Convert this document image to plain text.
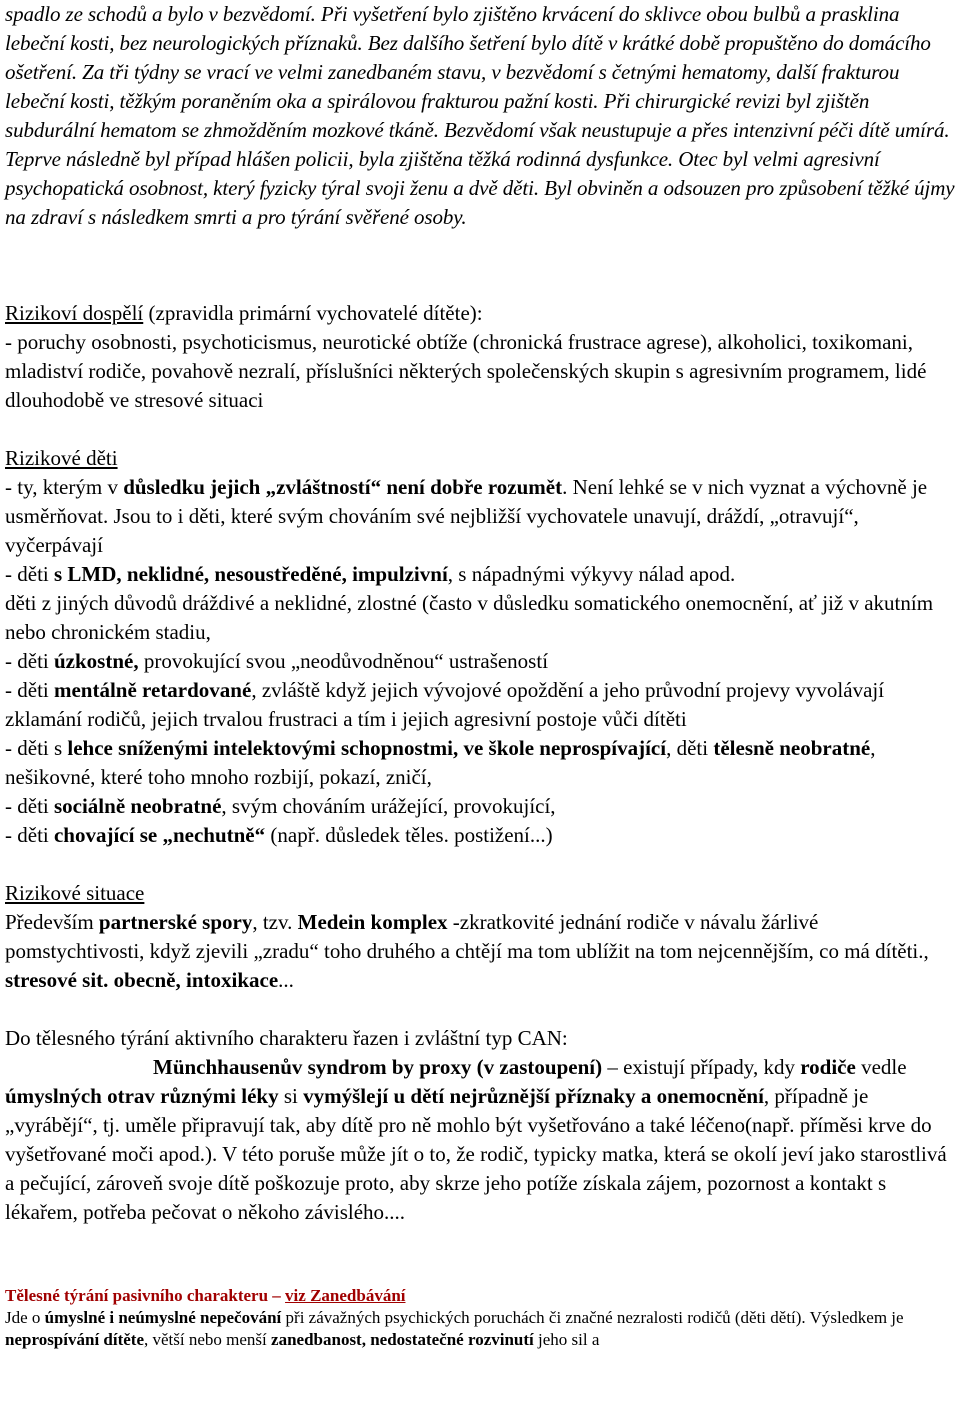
spadlo ze schodů a bylo v bezvědomí. Při vyšetření bylo zjištěno krvácení do sklivce obou bulbů a prasklina lebeční kosti, bez neurologických příznaků. Bez dalšího šetření bylo dítě v krátké době propuštěno do domácího ošetření. Za tři týdny se vrací ve velmi zanedbaném stavu, v bezvědomí s četnými hematomy, další frakturou lebeční kosti, těžkým poraněním oka a spirálovou frakturou pažní kosti. Při chirurgické revizi byl zjištěn subdurální hematom se zhmožděním mozkové tkáně. Bezvědomí však neustupuje a přes intenzivní péči dítě umírá. Teprve následně byl případ hlášen policii, byla zjištěna těžká rodinná dysfunkce. Otec byl velmi agresivní psychopatická osobnost, který fyzicky týral svoji ženu a dvě děti. Byl obviněn a odsouzen pro způsobení těžké újmy na zdraví s následkem smrti a pro týrání svěřené osoby.

Rizikoví dospělí (zpravidla primární vychovatelé dítěte):

- poruchy osobnosti, psychoticismus, neurotické obtíže (chronická frustrace agrese), alkoholici, toxikomani, mladiství rodiče, povahově nezralí, příslušníci některých společenských skupin s agresivním programem, lidé dlouhodobě ve stresové situaci

Rizikové děti

- ty, kterým v důsledku jejich „zvláštností“ není dobře rozumět. Není lehké se v nich vyznat a výchovně je usměrňovat. Jsou to i děti, které svým chováním své nejbližší vychovatele unavují, dráždí, „otravují“, vyčerpávají

- děti s LMD, neklidné, nesoustředěné, impulzivní, s nápadnými výkyvy nálad apod.

děti z jiných důvodů dráždivé a neklidné, zlostné (často v důsledku somatického onemocnění, ať již v akutním nebo chronickém stadiu,

- děti úzkostné, provokující svou „neodůvodněnou“ ustrašeností

- děti mentálně retardované, zvláště když jejich vývojové opoždění a jeho průvodní projevy vyvolávají zklamání rodičů, jejich trvalou frustraci a tím i jejich agresivní postoje vůči dítěti

- děti s lehce sníženými intelektovými schopnostmi, ve škole neprospívající, děti tělesně neobratné, nešikovné, které toho mnoho rozbijí, pokazí, zničí,

- děti sociálně neobratné, svým chováním urážející, provokující,

- děti chovající se „nechutně“ (např. důsledek těles. postižení...)

Rizikové situace

Především partnerské spory, tzv. Medein komplex -zkratkovité jednání rodiče v návalu žárlivé pomstychtivosti, když zjevili „zradu“ toho druhého a chtějí ma tom ublížit na tom nejcennějším, co má dítěti., stresové sit. obecně, intoxikace...

Do tělesného týrání aktivního charakteru řazen i zvláštní typ CAN:

Münchhausenův syndrom by proxy (v zastoupení) – existují případy, kdy rodiče vedle úmyslných otrav různými léky si vymýšlejí u dětí nejrůznější příznaky a onemocnění, případně je „vyrábějí“, tj. uměle připravují tak, aby dítě pro ně mohlo být vyšetřováno a také léčeno(např. příměsi krve do vyšetřované moči apod.). V této poruše může jít o to, že rodič, typicky matka, která se okolí jeví jako starostlivá a pečující, zároveň svoje dítě poškozuje proto, aby skrze jeho potíže získala zájem, pozornost a kontakt s lékařem, potřeba pečovat o někoho závislého....

Tělesné týrání pasivního charakteru – viz Zanedbávání

Jde o úmyslné i neúmyslné nepečování při závažných psychických poruchách či značné nezralosti rodičů (děti dětí). Výsledkem je neprospívání dítěte, větší nebo menší zanedbanost, nedostatečné rozvinutí jeho sil a
